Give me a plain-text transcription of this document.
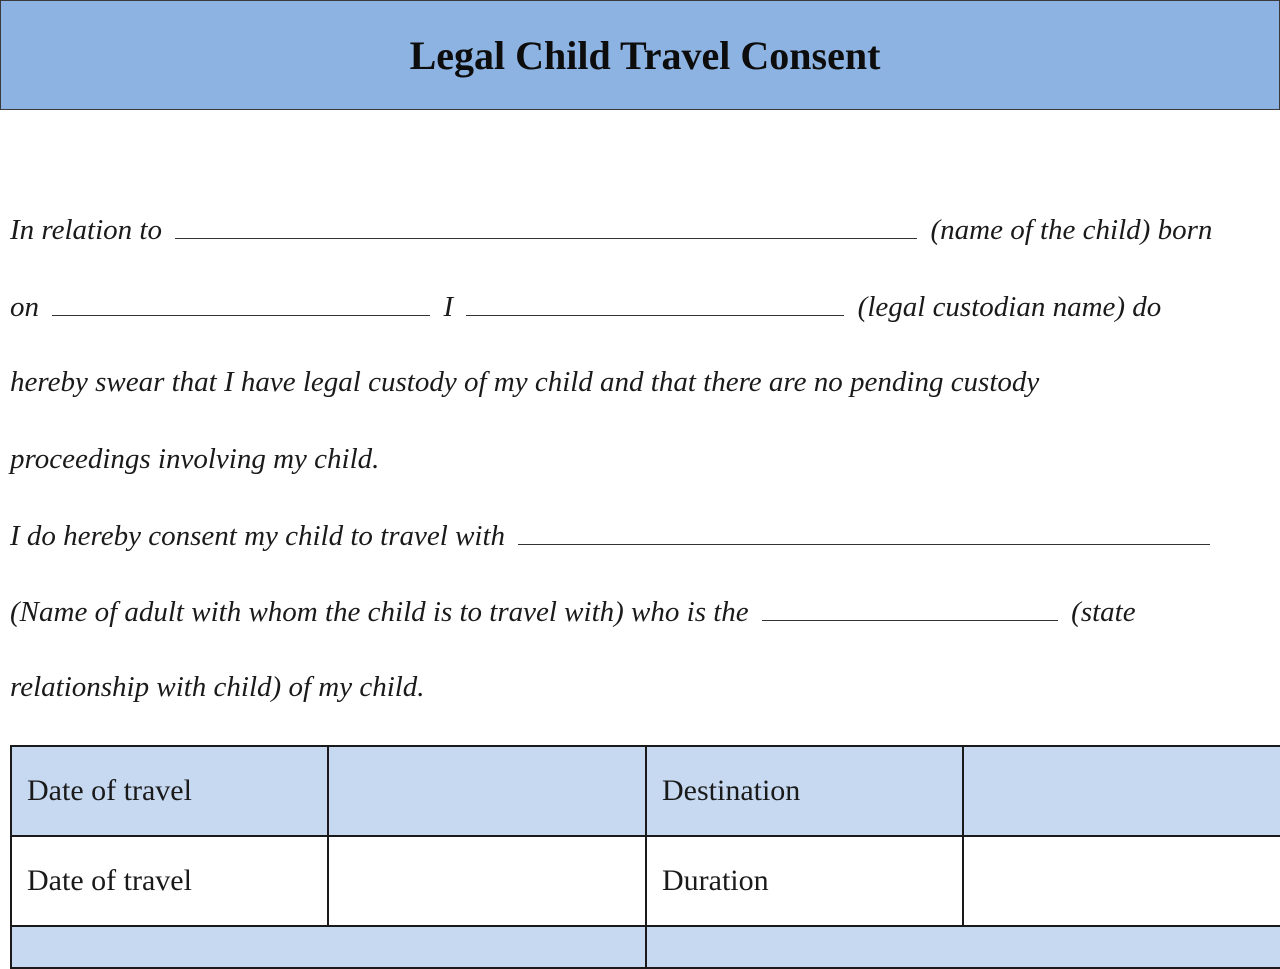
Legal Child Travel Consent
In relation to	(name of the child) born
on	I	(legal custodian name) do
hereby swear that I have legal custody of my child and that there are no pending custody
proceedings involving my child.
I do hereby consent my child to travel with
(Name of adult with whom the child is to travel with) who is the	(state
relationship with child) of my child.
Date of travel		Destination	
Date of travel		Duration	
